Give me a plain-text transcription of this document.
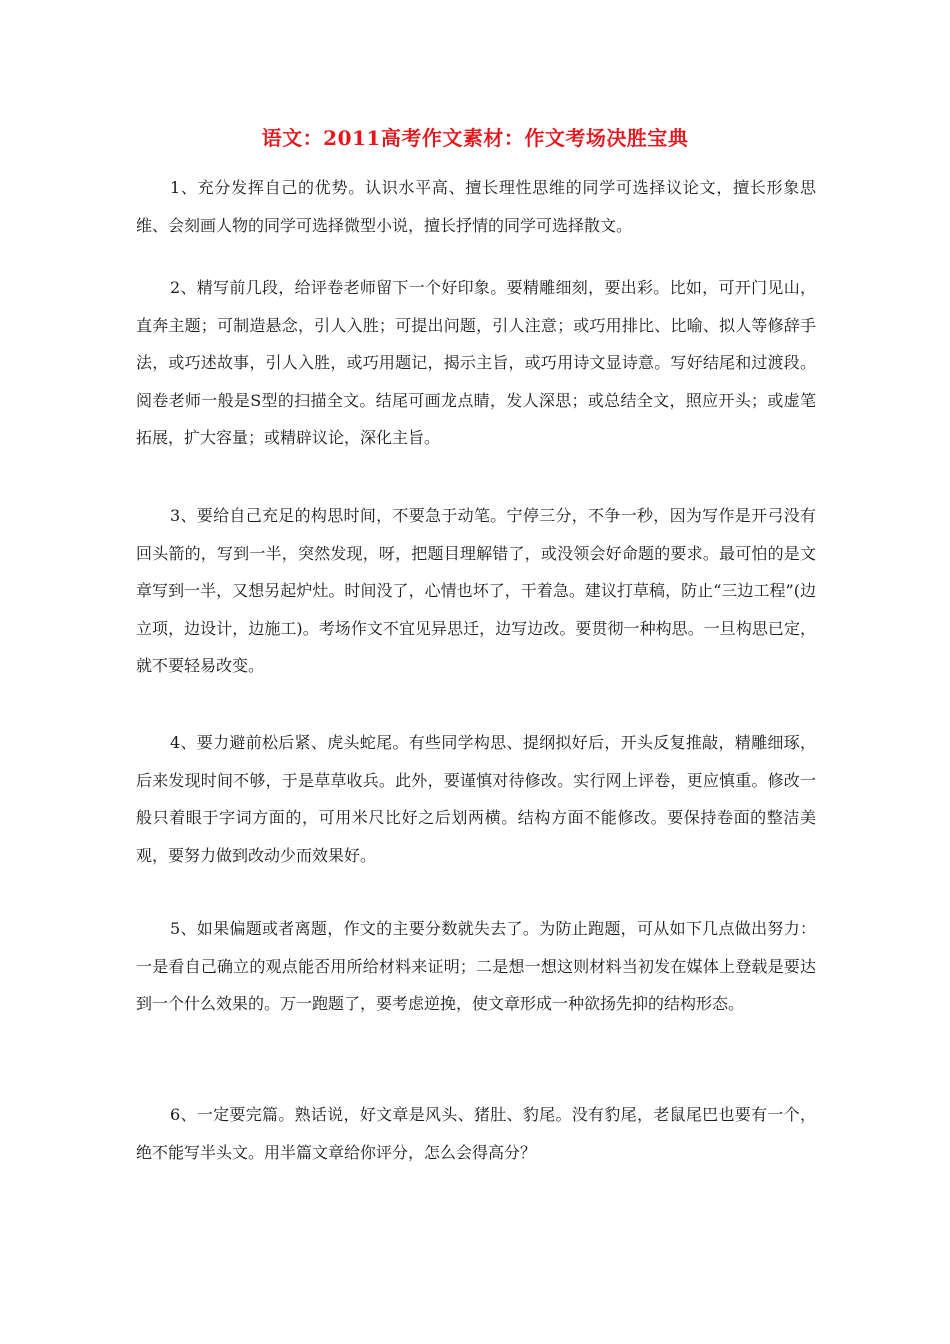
语文：2011高考作文素材：作文考场决胜宝典

1、充分发挥自己的优势。认识水平高、擅长理性思维的同学可选择议论文，擅长形象思维、会刻画人物的同学可选择微型小说，擅长抒情的同学可选择散文。

2、精写前几段，给评卷老师留下一个好印象。要精雕细刻，要出彩。比如，可开门见山，直奔主题；可制造悬念，引人入胜；可提出问题，引人注意；或巧用排比、比喻、拟人等修辞手法，或巧述故事，引人入胜，或巧用题记，揭示主旨，或巧用诗文显诗意。写好结尾和过渡段。阅卷老师一般是S型的扫描全文。结尾可画龙点睛，发人深思；或总结全文，照应开头；或虚笔拓展，扩大容量；或精辟议论，深化主旨。

3、要给自己充足的构思时间，不要急于动笔。宁停三分，不争一秒，因为写作是开弓没有回头箭的，写到一半，突然发现，呀，把题目理解错了，或没领会好命题的要求。最可怕的是文章写到一半，又想另起炉灶。时间没了，心情也坏了，干着急。建议打草稿，防止“三边工程”(边立项，边设计，边施工)。考场作文不宜见异思迁，边写边改。要贯彻一种构思。一旦构思已定，就不要轻易改变。

4、要力避前松后紧、虎头蛇尾。有些同学构思、提纲拟好后，开头反复推敲，精雕细琢，后来发现时间不够，于是草草收兵。此外，要谨慎对待修改。实行网上评卷，更应慎重。修改一般只着眼于字词方面的，可用米尺比好之后划两横。结构方面不能修改。要保持卷面的整洁美观，要努力做到改动少而效果好。

5、如果偏题或者离题，作文的主要分数就失去了。为防止跑题，可从如下几点做出努力：一是看自己确立的观点能否用所给材料来证明；二是想一想这则材料当初发在媒体上登载是要达到一个什么效果的。万一跑题了，要考虑逆挽，使文章形成一种欲扬先抑的结构形态。

6、一定要完篇。熟话说，好文章是风头、猪肚、豹尾。没有豹尾，老鼠尾巴也要有一个，绝不能写半头文。用半篇文章给你评分，怎么会得高分？
